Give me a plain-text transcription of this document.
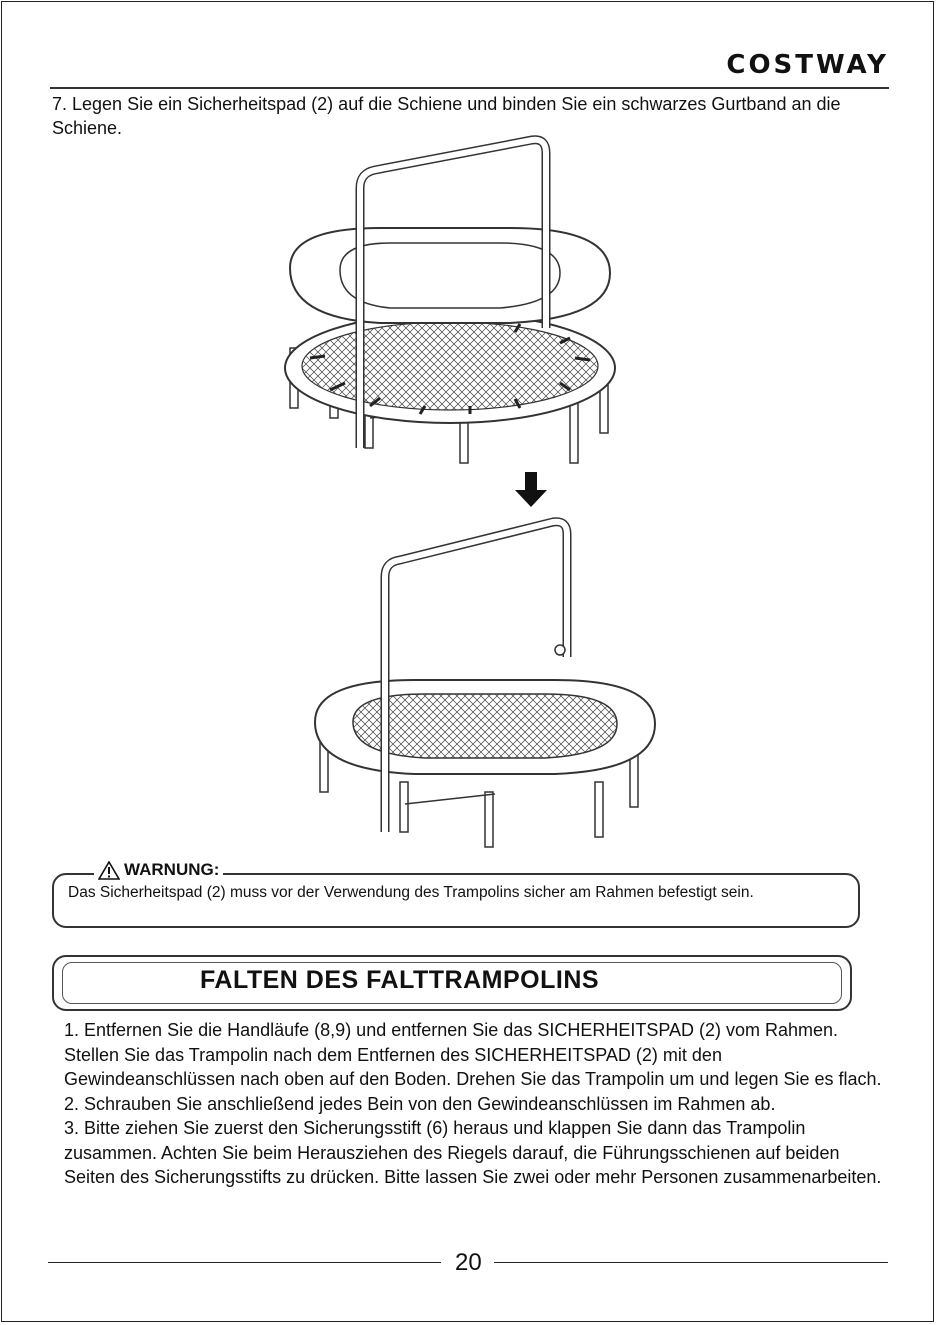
COSTWAY
7. Legen Sie ein Sicherheitspad (2) auf die Schiene und binden Sie ein schwarzes Gurtband an die Schiene.
WARNUNG:
Das Sicherheitspad (2) muss vor der Verwendung des Trampolins sicher am Rahmen befestigt sein.
FALTEN DES FALTTRAMPOLINS

1. Entfernen Sie die Handläufe (8,9) und entfernen Sie das SICHERHEITSPAD (2) vom Rahmen. Stellen Sie das Trampolin nach dem Entfernen des SICHERHEITSPAD (2) mit den Gewindeanschlüssen nach oben auf den Boden. Drehen Sie das Trampolin um und legen Sie es flach.

2. Schrauben Sie anschließend jedes Bein von den Gewindeanschlüssen im Rahmen ab.

3. Bitte ziehen Sie zuerst den Sicherungsstift (6) heraus und klappen Sie dann das Trampolin zusammen. Achten Sie beim Herausziehen des Riegels darauf, die Führungsschienen auf beiden Seiten des Sicherungsstifts zu drücken. Bitte lassen Sie zwei oder mehr Personen zusammenarbeiten.

20
